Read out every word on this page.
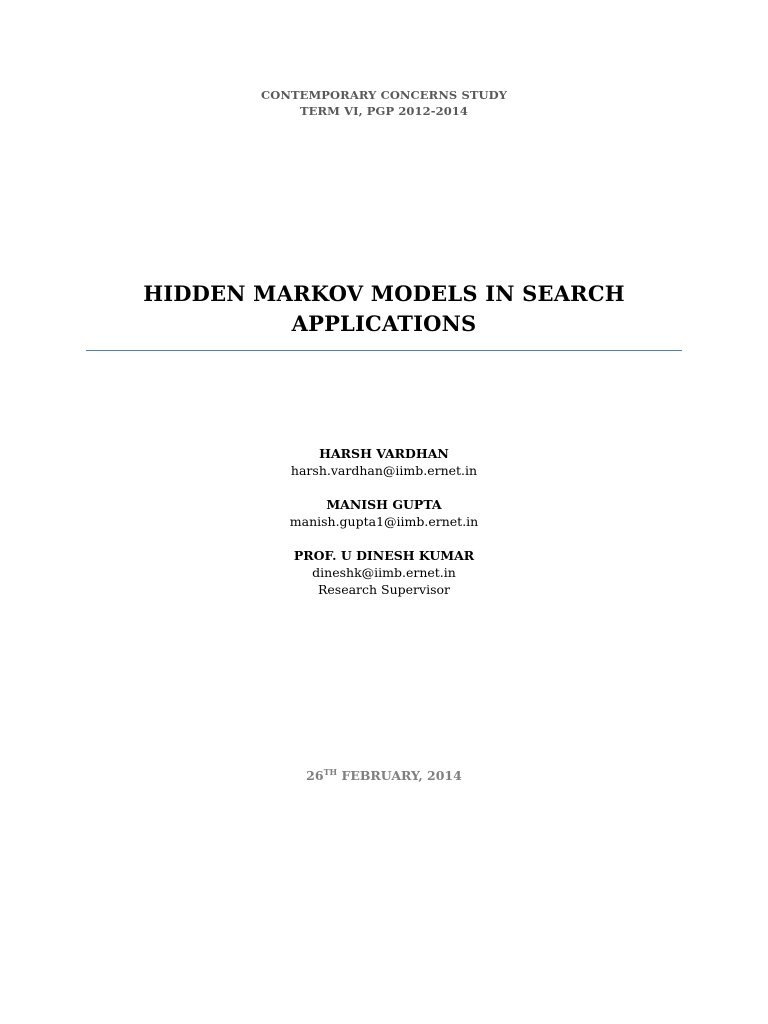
CONTEMPORARY CONCERNS STUDY
TERM VI, PGP 2012-2014
HIDDEN MARKOV MODELS IN SEARCH
APPLICATIONS
HARSH VARDHAN
harsh.vardhan@iimb.ernet.in
MANISH GUPTA
manish.gupta1@iimb.ernet.in
PROF. U DINESH KUMAR
dineshk@iimb.ernet.in
Research Supervisor
26TH FEBRUARY, 2014
